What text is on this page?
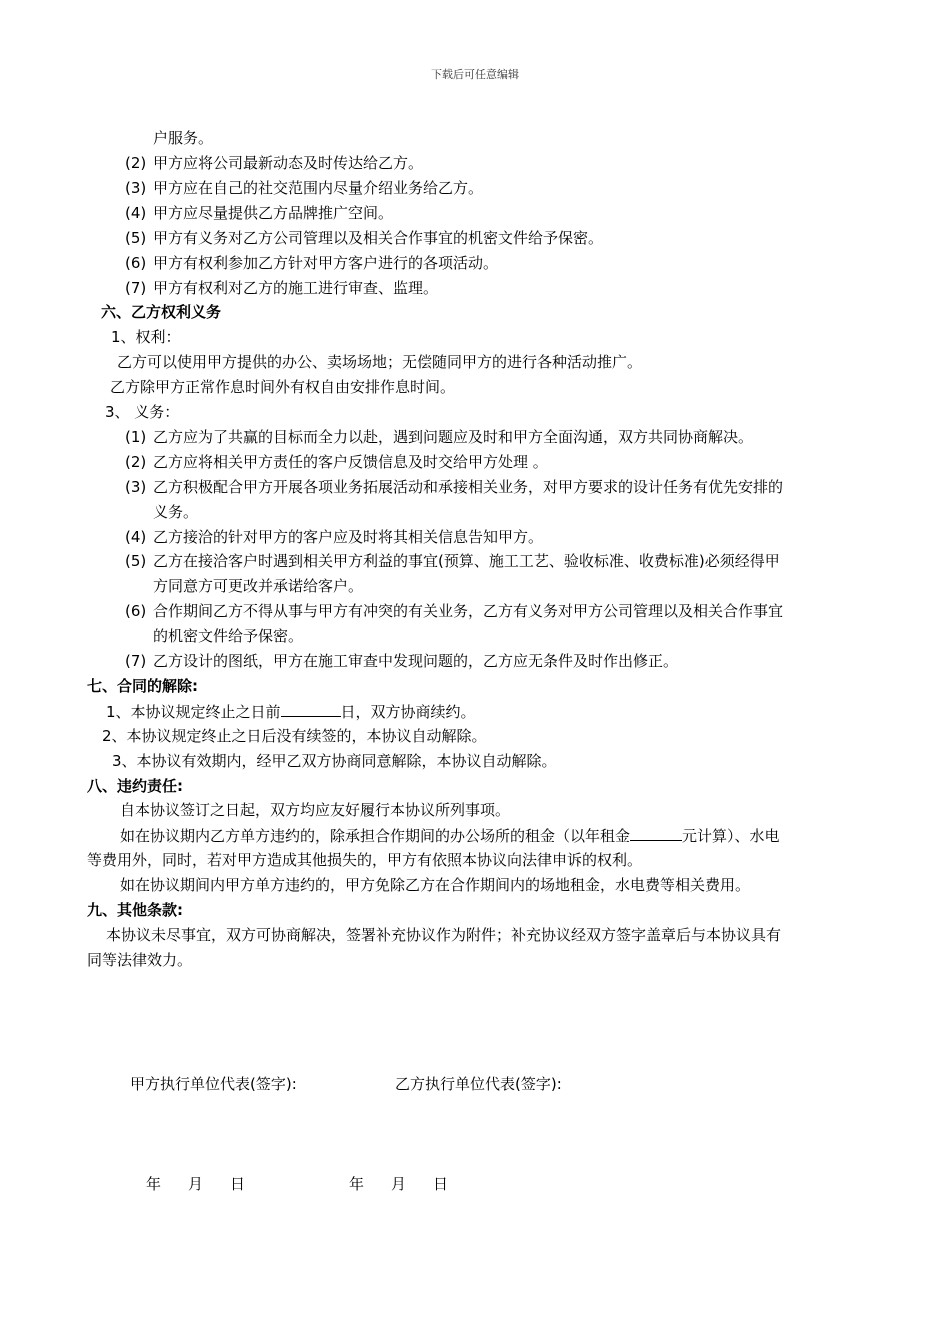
下载后可任意编辑
户服务。
(2) 甲方应将公司最新动态及时传达给乙方。
(3) 甲方应在自己的社交范围内尽量介绍业务给乙方。
(4) 甲方应尽量提供乙方品牌推广空间。
(5) 甲方有义务对乙方公司管理以及相关合作事宜的机密文件给予保密。
(6) 甲方有权利参加乙方针对甲方客户进行的各项活动。
(7) 甲方有权利对乙方的施工进行审查、监理。
六、乙方权利义务
1、权利：
乙方可以使用甲方提供的办公、卖场场地；无偿随同甲方的进行各种活动推广。
乙方除甲方正常作息时间外有权自由安排作息时间。
3、 义务：
(1) 乙方应为了共赢的目标而全力以赴，遇到问题应及时和甲方全面沟通，双方共同协商解决。
(2) 乙方应将相关甲方责任的客户反馈信息及时交给甲方处理 。
(3) 乙方积极配合甲方开展各项业务拓展活动和承接相关业务，对甲方要求的设计任务有优先安排的
义务。
(4) 乙方接洽的针对甲方的客户应及时将其相关信息告知甲方。
(5) 乙方在接洽客户时遇到相关甲方利益的事宜(预算、施工工艺、验收标准、收费标准)必须经得甲
方同意方可更改并承诺给客户。
(6) 合作期间乙方不得从事与甲方有冲突的有关业务，乙方有义务对甲方公司管理以及相关合作事宜
的机密文件给予保密。
(7) 乙方设计的图纸，甲方在施工审查中发现问题的，乙方应无条件及时作出修正。
七、合同的解除:
1、本协议规定终止之日前	日，双方协商续约。
2、本协议规定终止之日后没有续签的，本协议自动解除。
3、本协议有效期内，经甲乙双方协商同意解除，本协议自动解除。
八、违约责任:
自本协议签订之日起，双方均应友好履行本协议所列事项。
如在协议期内乙方单方违约的，除承担合作期间的办公场所的租金（以年租金	元计算）、水电
等费用外，同时，若对甲方造成其他损失的，甲方有依照本协议向法律申诉的权利。
如在协议期间内甲方单方违约的，甲方免除乙方在合作期间内的场地租金，水电费等相关费用。
九、其他条款:
本协议未尽事宜，双方可协商解决，签署补充协议作为附件；补充协议经双方签字盖章后与本协议具有
同等法律效力。
甲方执行单位代表(签字):	乙方执行单位代表(签字):
年 月 日	年 月 日
